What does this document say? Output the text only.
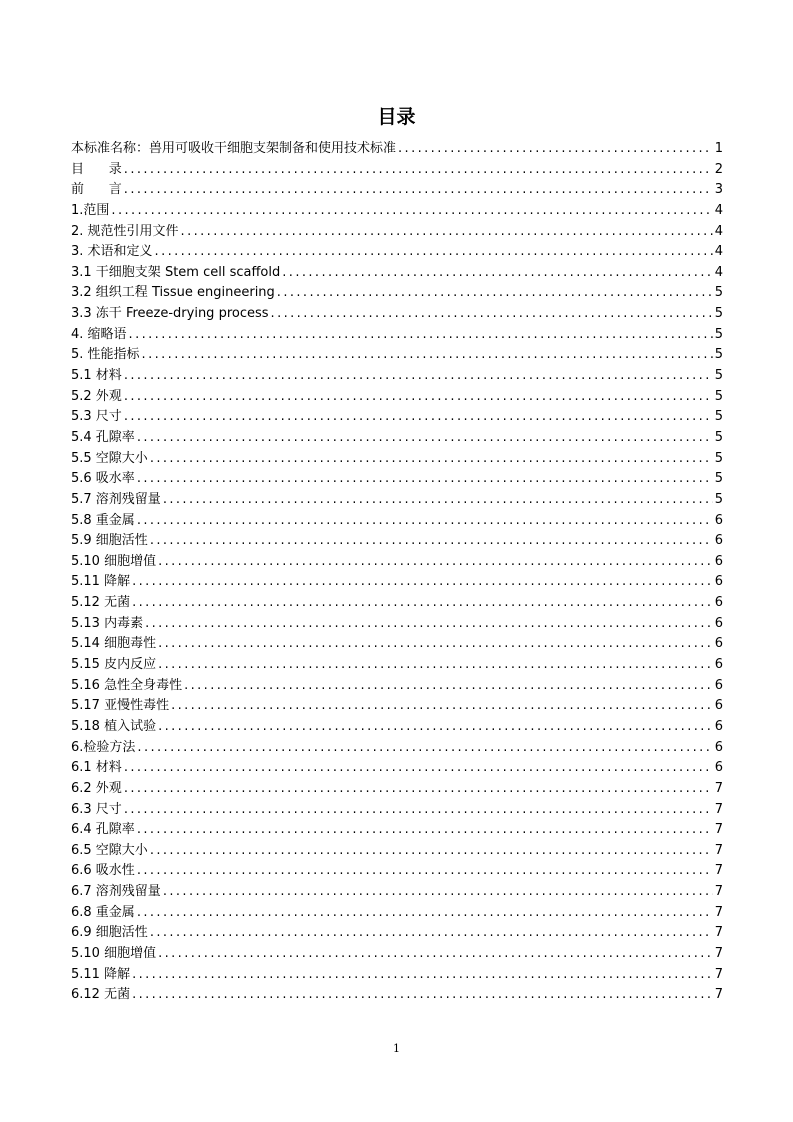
目录
本标准名称：兽用可吸收干细胞支架制备和使用技术标准 .....	1
目      录 .....	2
前      言 .....	3
1.范围 .....	4
2. 规范性引用文件 .....	4
3. 术语和定义 .....	4
3.1 干细胞支架 Stem cell scaffold .....	4
3.2 组织工程 Tissue engineering .....	5
3.3 冻干 Freeze-drying process .....	5
4. 缩略语 .....	5
5. 性能指标 .....	5
5.1 材料 .....	5
5.2 外观 .....	5
5.3 尺寸 .....	5
5.4 孔隙率 .....	5
5.5 空隙大小 .....	5
5.6 吸水率 .....	5
5.7 溶剂残留量 .....	5
5.8 重金属 .....	6
5.9 细胞活性 .....	6
5.10 细胞增值 .....	6
5.11 降解 .....	6
5.12 无菌 .....	6
5.13 内毒素 .....	6
5.14 细胞毒性 .....	6
5.15 皮内反应 .....	6
5.16 急性全身毒性 .....	6
5.17 亚慢性毒性 .....	6
5.18 植入试验 .....	6
6.检验方法 .....	6
6.1 材料 .....	6
6.2 外观 .....	7
6.3 尺寸 .....	7
6.4 孔隙率 .....	7
6.5 空隙大小 .....	7
6.6 吸水性 .....	7
6.7 溶剂残留量 .....	7
6.8 重金属 .....	7
6.9 细胞活性 .....	7
5.10 细胞增值 .....	7
5.11 降解 .....	7
6.12 无菌 .....	7
1
